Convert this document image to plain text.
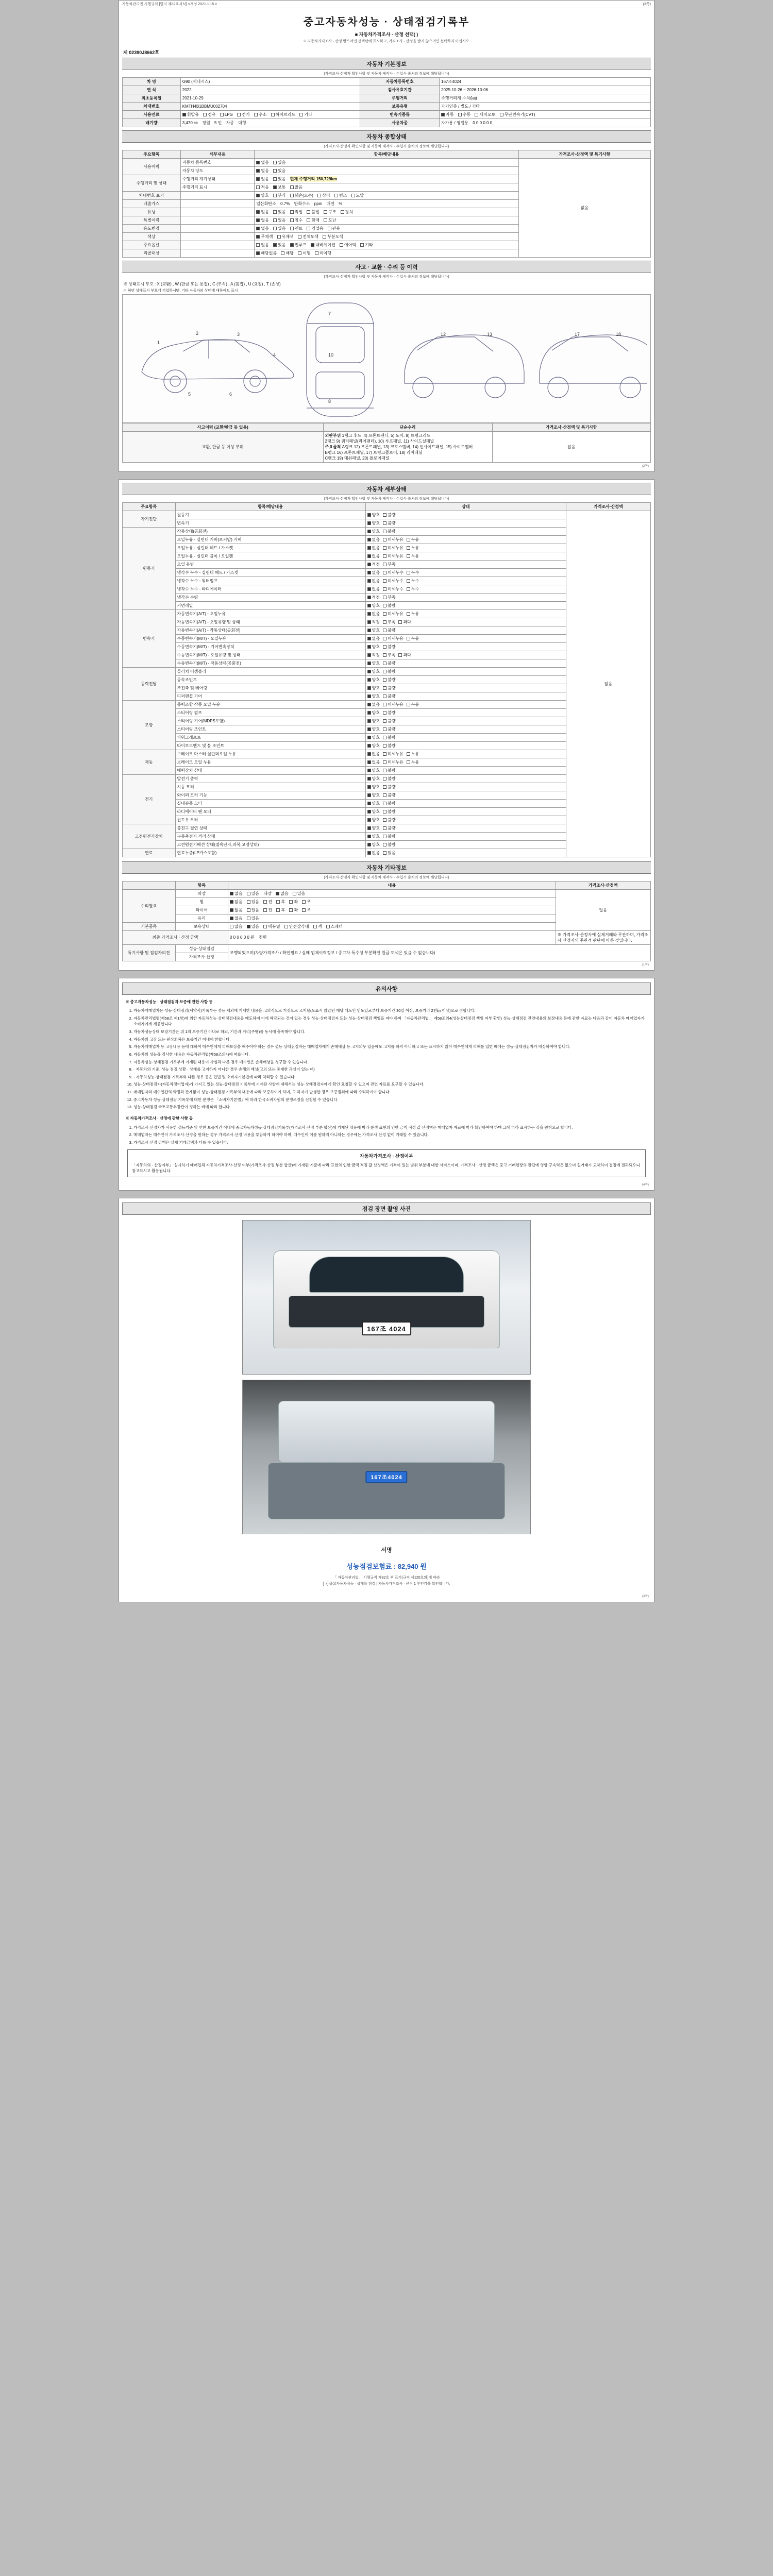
자동차관리법 시행규칙 [별지 제82호서식] <개정 2021.1.15.>	(3쪽)
중고자동차성능 · 상태점검기록부
■ 자동차가격조사 · 산정 선택( )
※ 자동차가격조사 · 산정 받으려면 선택란에 표시하고, 가격조사 · 산정을 받지 않으려면 선택하지 마십시오.
제 02390J8662호
자동차 기본정보
(가격조사·산정자 확인사항 및 자동차 제작사 · 수입사 출처의 정보에 해당됩니다)
차 명	G90 (제네시스)	자동차등록번호	167조4024
연 식	2022	검사유효기간	2025-10-26 ~ 2026-10-06
최초등록일	2021-10-29	주행거리	주행거리계 수치(㎞)
차대번호	KMTH4B1BBMU002704	보증유형	자기인증 / 별도 / 기타
사용연료	휘발유 경유 LPG 전기 수소 하이브리드 기타	변속기종류	자동 수동 세미오토 무단변속기(CVT)
배기량	3,470 cc 정원 5 인 차종 대형	사용차종	자가용 / 영업용 0 0 0 0 0 0
자동차 종합상태
(가격조사·산정자 확인사항 및 자동차 제작사 · 수입사 출처의 정보에 해당됩니다)
주요항목	세부내용	항목/해당내용	가격조사·산정액 및 특기사항
사용이력	자동차 등록번호	없음 있음	없음
	자동차 양도	없음 있음	
주행거리 및 상태	주행거리 계기상태	없음 있음 현재 주행거리 150,729km	
	주행거리 표시	적음 보통 많음	
차대번호 표기		양호 부식 훼손(오손) 상이 변조 도말	
배출가스		일산화탄소 0.7% 탄화수소 ppm 매연 %	
튜닝		없음 있음 적법 불법 구조 장치	
특별이력		없음 있음 침수 화재 도난	
용도변경		없음 있음 렌트 영업용 관용	
색상		무채색 유채색 전체도색 부분도색	
주요옵션		없음 있음 썬루프 내비게이션 에어백 기타	
리콜대상		해당없음 해당 이행 미이행	
사고 · 교환 · 수리 등 이력
(가격조사·산정자 확인사항 및 자동차 제작사 · 수입사 출처의 정보에 해당됩니다)
※ 상태표시 부호 : X (교환) , W (판금 또는 용접) , C (부식) , A (흠집) , U (요철) , T (손상)
※ 하단 상태표시 부호에 기입하시면, 기타 자동차의 상태에 대하여도 표시
1
2	3
4
5	6
7
10
8
12	13	17	18
사고이력 (교환/판금 등 있음)	단순수리	가격조사·산정액 및 특기사항
교환, 판금 등 이상 부위	외판부위 1랭크 후드, 4) 프론트팬더, 5) 도어, 8) 트렁크리드
2랭크 9) 쿼터패널(리어팬더), 10) 루프패널, 11) 사이드실패널
주요골격 A랭크 12) 프론트패널, 13) 크로스멤버, 14) 인사이드패널, 15) 사이드멤버
B랭크 16) 프론트패널, 17) 트렁크플로어, 18) 리어패널
C랭크 19) 대쉬패널, 20) 플로어패널	없음
(2쪽)
자동차 세부상태
(가격조사·산정자 확인사항 및 자동차 제작사 · 수입사 출처의 정보에 해당됩니다)
주요항목	항목/해당내용	상태	가격조사·산정액
자기진단	원동기	양호 불량	없음
	변속기	양호 불량	
원동기	작동상태(공회전)	양호 불량	
	오일누유 - 실린더 커버(로커암) 커버	없음 미세누유 누유	
	오일누유 - 실린더 헤드 / 가스켓	없음 미세누유 누유	
	오일누유 - 실린더 블록 / 오일팬	없음 미세누유 누유	
	오일 유량	적정 부족	
	냉각수 누수 - 실린더 헤드 / 가스켓	없음 미세누수 누수	
	냉각수 누수 - 워터펌프	없음 미세누수 누수	
	냉각수 누수 - 라디에이터	없음 미세누수 누수	
	냉각수 수량	적정 부족	
	커먼레일	양호 불량	
변속기	자동변속기(A/T) - 오일누유	없음 미세누유 누유	
	자동변속기(A/T) - 오일유량 및 상태	적정 부족 과다	
	자동변속기(A/T) - 작동상태(공회전)	양호 불량	
	수동변속기(M/T) - 오일누유	없음 미세누유 누유	
	수동변속기(M/T) - 기어변속장치	양호 불량	
	수동변속기(M/T) - 오일유량 및 상태	적정 부족 과다	
	수동변속기(M/T) - 작동상태(공회전)	양호 불량	
동력전달	클러치 어셈블리	양호 불량	
	등속조인트	양호 불량	
	추진축 및 베어링	양호 불량	
	디퍼렌셜 기어	양호 불량	
조향	동력조향 작동 오일 누유	없음 미세누유 누유	
	스티어링 펌프	양호 불량	
	스티어링 기어(MDPS포함)	양호 불량	
	스티어링 조인트	양호 불량	
	파워크래프트	양호 불량	
	타이로드엔드 및 볼 조인트	양호 불량	
제동	브레이크 마스터 실린더오일 누유	없음 미세누유 누유	
	브레이크 오일 누유	없음 미세누유 누유	
	배력장치 상태	양호 불량	
전기	발전기 출력	양호 불량	
	시동 모터	양호 불량	
	와이퍼 모터 기능	양호 불량	
	실내송풍 모터	양호 불량	
	라디에이터 팬 모터	양호 불량	
	윈도우 모터	양호 불량	
고전원전기장치	충전구 절연 상태	양호 불량	
	구동축전지 격리 상태	양호 불량	
	고전원전기배선 상태(접속단자,피복,고정상태)	양호 불량	
연료	연료누출(LP가스포함)	없음 있음	
자동차 기타정보
(가격조사·산정자 확인사항 및 자동차 제작사 · 수입사 출처의 정보에 해당됩니다)
	항목	내용	가격조사·산정액
수리필요	외장	없음 있음 내장 없음 있음	없음
	휠	없음 있음 전 후 좌 우	
	타이어	없음 있음 전 후 좌 우	
	유리	없음 있음	
기본품목	보유상태	없음 있음 매뉴얼 안전삼각대 잭 스패너	
최종 가격조사 · 산정 금액		0 0 0 0 0 0 원 천원	※ 가격조사·산정자에 실제거래와 무관하며, 가격조사·산정자의 주관적 판단에 따른 것입니다.
특기사항 및 점검자의견	성능·상태점검	조행되었으며(차량가격조사 / 확인필요 / 실매 업체이력정보 / 중고차 특수성 부분확인 원금 도색은 있을 수 없습니다)	
	가격조사·산정		
(1쪽)
유의사항
※ 중고자동차성능 · 상태점검자 보증에 관한 사항 등
1. 자동차매매업자는 성능·상태점검(계약서)기록부는 성능 제외에 기재한 내용을 고의적으로 거짓으로 고지할(오표시 않았던 해당 매도인 인도일로부터 보증기간 30일 이상, 보증거리 2천㎞ 이상)으로 정합니다.
2. 자동차관리법령(제58조 제1항)에 의한 자동차성능·상태점검내용을 매도하여 이에 해당되는 것이 있는 경우 성능·상태점검자 또는 성능·상태점검 책임을 져야 하며 「자동차관리법」 제58조의4(성능상태점검 책임 여부 확인) 성능·상태점검 관련내용의 보장내용 등에 관한 자료는 다음과 같이 자동차 매매업자가 소비자에게 제공합니다.
3. 자동차성능상태 보장기간은 위 1의 보증기간 이내로 하되, 기간과 거리(주행)를 동시에 충족해야 합니다.
4. 자동차의 고장 또는 원상회복은 보증기간 이내에 한합니다.
5. 자동차매매업자 등 고장내용 등에 대하여 매수인에게 피해보상을 해주어야 하는 경우 성능·상태점검자는 매매업자에게 손해배상 등 고지의무 있음에도 고지를 하지 아니하고 또는 표시하지 않아 매수인에게 피해를 입힌 때에는 성능·상태점검자가 배상하여야 합니다.
6. 자동차의 성능을 검사한 내용은 자동차관리법(제58조의4)에 따릅니다.
7. 자동차성능·상태점검 기록부에 기재된 내용이 사실과 다른 경우 매수인은 손해배상을 청구할 수 있습니다.
8. · 자동차의 기준, 성능 점검 상황 · 상태를 고지하지 아니한 경우 손해의 배상(고의 또는 중대한 과실이 있는 때)
9. · 자동차성능·상태점검 기록부와 다른 경우 등은 민법 및 소비자기본법에 따라 처리할 수 있습니다.
10. 성능·상태점검자(자동차정비업자)가 가지고 있는 성능·상태점검 기록부에 기재된 사항에 대해서는 성능·상태점검자에게 확인 요청할 수 있으며 관련 자료를 요구할 수 있습니다.
11. 매매업자와 매수인간의 약정과 관계없이 성능·상태점검 기록부의 내용에 따라 보증하여야 하며, 그 하자가 발생한 경우 보증범위에 따라 수리하여야 합니다.
12. 중고자동차 성능·상태점검 기록부에 대한 분쟁은 「소비자기본법」에 따라 한국소비자원의 분쟁조정을 신청할 수 있습니다.
13. 성능·상태점검 국토교통부장관이 정하는 바에 따라 합니다.
※ 자동차가격조사 · 산정에 관한 사항 등
1. 가격조사·산정자가 사용한 성능기준 및 인한 보증기간 이내에 중고자동차성능·상태점검기록부(가격조사·산정 부분 합산)에 기재된 내용에 따라 분쟁 표현의 인한 금액 적정 값 산정액은 매매업자 자료에 따라 확인하여야 하며 그에 따라 표시하는 것을 원칙으로 합니다.
2. 매매업자는 매수인이 가격조사·산정을 원하는 경우 가격조사·산정 비용을 부담하게 하여야 하며, 매수인이 이를 원하지 아니하는 경우에는 가격조사·산정 없이 거래할 수 있습니다.
3. 가격조사·산정 금액은 실제 거래금액과 다를 수 있습니다.
자동차가격조사 · 산정여부
「자동차의 · 산정여부」 실시하기 매매업체 자동차가격조사·산정 여부(가격조사·산정 부분 합산)에 기재된 기준에 따라 표현의 인한 금액 적정 값 산정액은 가격이 있는 범위 부분에 대한 서비스이며, 가격조사 · 산정 금액은 중고 거래현장의 판단에 영향 구속력은 없으며 실거래가 교체하여 결정에 결과되오니 참고하시고 활용됩니다.
(4쪽)
점검 장면 촬영 사진
167조 4024
167조4024
서명
성능점검보험료 : 82,940 원
「 자동차관리법」 시행규칙 제82호 부 표기(규격 제120호의)에 따라
[ㄱ] 중고자동차성능 · 상태를 점검 | 자동차가격조사 · 산정 1 부인감을 확인합니다.
(3쪽)
